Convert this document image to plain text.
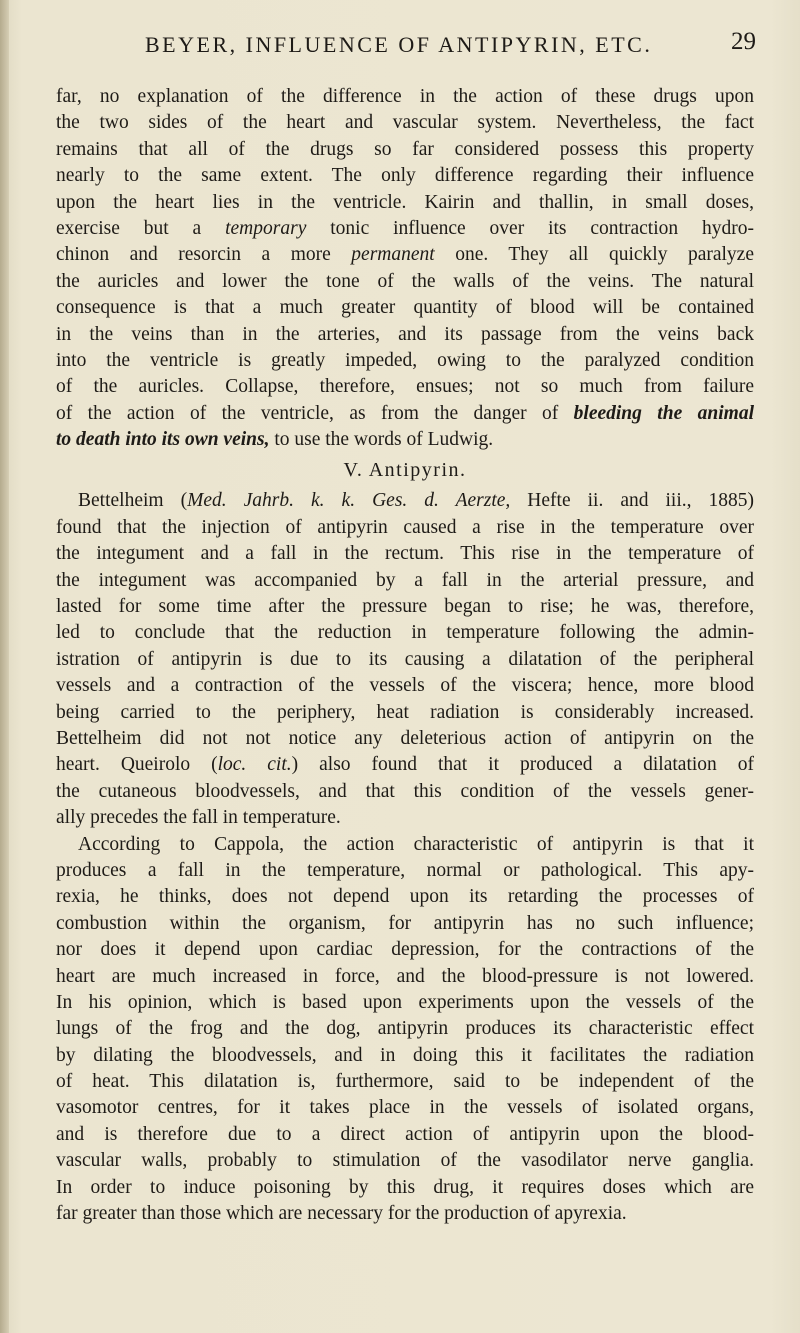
BEYER, INFLUENCE OF ANTIPYRIN, ETC.	29
far, no explanation of the difference in the action of these drugs upon
the two sides of the heart and vascular system. Nevertheless, the fact
remains that all of the drugs so far considered possess this property
nearly to the same extent. The only difference regarding their influence
upon the heart lies in the ventricle. Kairin and thallin, in small doses,
exercise but a temporary tonic influence over its contraction hydro-
chinon and resorcin a more permanent one. They all quickly paralyze
the auricles and lower the tone of the walls of the veins. The natural
consequence is that a much greater quantity of blood will be contained
in the veins than in the arteries, and its passage from the veins back
into the ventricle is greatly impeded, owing to the paralyzed condition
of the auricles. Collapse, therefore, ensues; not so much from failure
of the action of the ventricle, as from the danger of bleeding the animal
to death into its own veins, to use the words of Ludwig.
V. Antipyrin.
Bettelheim (Med. Jahrb. k. k. Ges. d. Aerzte, Hefte ii. and iii., 1885)
found that the injection of antipyrin caused a rise in the temperature over
the integument and a fall in the rectum. This rise in the temperature of
the integument was accompanied by a fall in the arterial pressure, and
lasted for some time after the pressure began to rise; he was, therefore,
led to conclude that the reduction in temperature following the admin-
istration of antipyrin is due to its causing a dilatation of the peripheral
vessels and a contraction of the vessels of the viscera; hence, more blood
being carried to the periphery, heat radiation is considerably increased.
Bettelheim did not not notice any deleterious action of antipyrin on the
heart. Queirolo (loc. cit.) also found that it produced a dilatation of
the cutaneous bloodvessels, and that this condition of the vessels gener-
ally precedes the fall in temperature.
According to Cappola, the action characteristic of antipyrin is that it
produces a fall in the temperature, normal or pathological. This apy-
rexia, he thinks, does not depend upon its retarding the processes of
combustion within the organism, for antipyrin has no such influence;
nor does it depend upon cardiac depression, for the contractions of the
heart are much increased in force, and the blood-pressure is not lowered.
In his opinion, which is based upon experiments upon the vessels of the
lungs of the frog and the dog, antipyrin produces its characteristic effect
by dilating the bloodvessels, and in doing this it facilitates the radiation
of heat. This dilatation is, furthermore, said to be independent of the
vasomotor centres, for it takes place in the vessels of isolated organs,
and is therefore due to a direct action of antipyrin upon the blood-
vascular walls, probably to stimulation of the vasodilator nerve ganglia.
In order to induce poisoning by this drug, it requires doses which are
far greater than those which are necessary for the production of apyrexia.
